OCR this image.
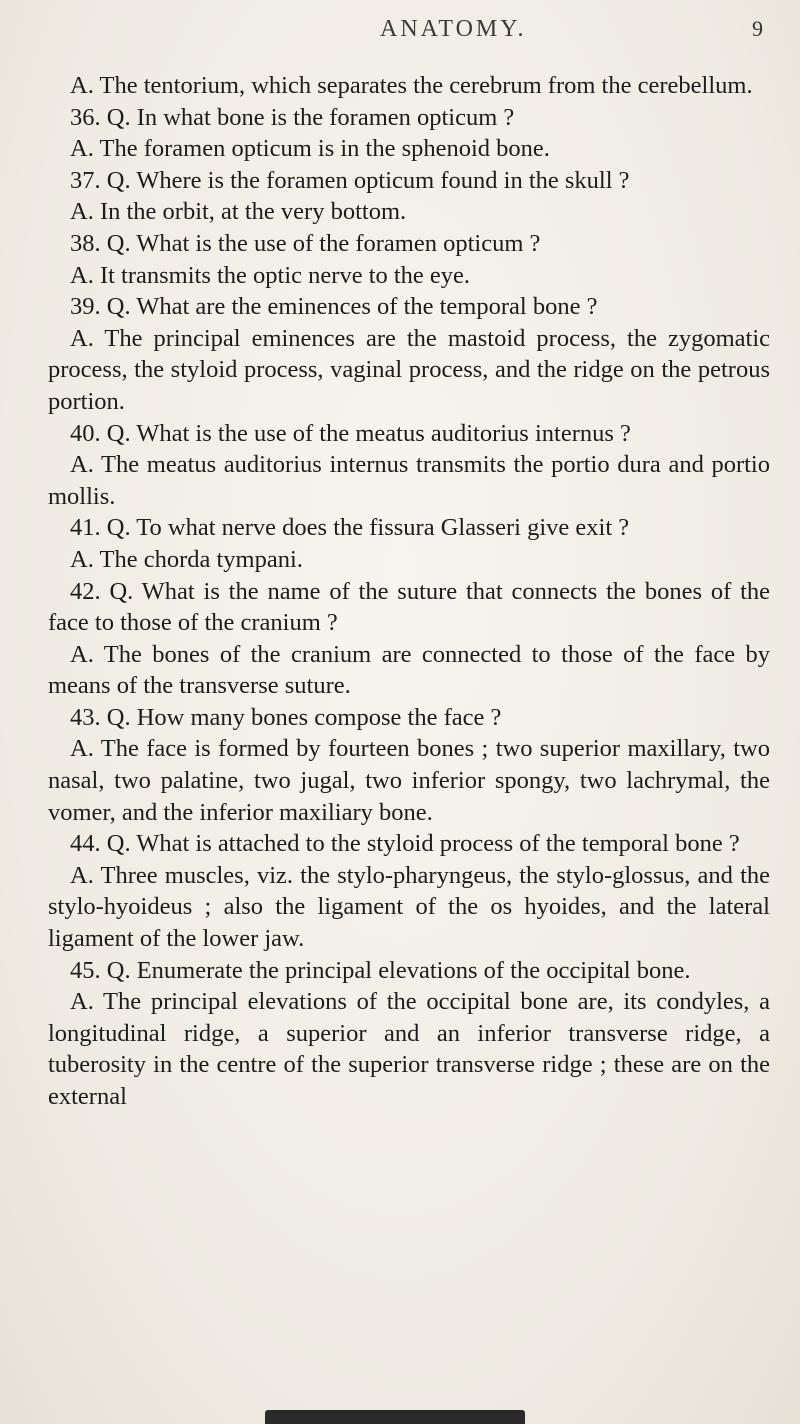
ANATOMY.	9

A. The tentorium, which separates the cerebrum from the cerebellum.

36. Q. In what bone is the foramen opticum ?

A. The foramen opticum is in the sphenoid bone.

37. Q. Where is the foramen opticum found in the skull ?

A. In the orbit, at the very bottom.

38. Q. What is the use of the foramen opticum ?

A. It transmits the optic nerve to the eye.

39. Q. What are the eminences of the temporal bone ?

A. The principal eminences are the mastoid process, the zygomatic process, the styloid process, vaginal process, and the ridge on the petrous portion.

40. Q. What is the use of the meatus auditorius internus ?

A. The meatus auditorius internus transmits the portio dura and portio mollis.

41. Q. To what nerve does the fissura Glasseri give exit ?

A. The chorda tympani.

42. Q. What is the name of the suture that connects the bones of the face to those of the cranium ?

A. The bones of the cranium are connected to those of the face by means of the transverse suture.

43. Q. How many bones compose the face ?

A. The face is formed by fourteen bones ; two superior maxillary, two nasal, two palatine, two jugal, two inferior spongy, two lachrymal, the vomer, and the inferior maxiliary bone.

44. Q. What is attached to the styloid process of the temporal bone ?

A. Three muscles, viz. the stylo-pharyngeus, the stylo-glossus, and the stylo-hyoideus ; also the ligament of the os hyoides, and the lateral ligament of the lower jaw.

45. Q. Enumerate the principal elevations of the occipital bone.

A. The principal elevations of the occipital bone are, its condyles, a longitudinal ridge, a superior and an inferior transverse ridge, a tuberosity in the centre of the superior transverse ridge ; these are on the external
